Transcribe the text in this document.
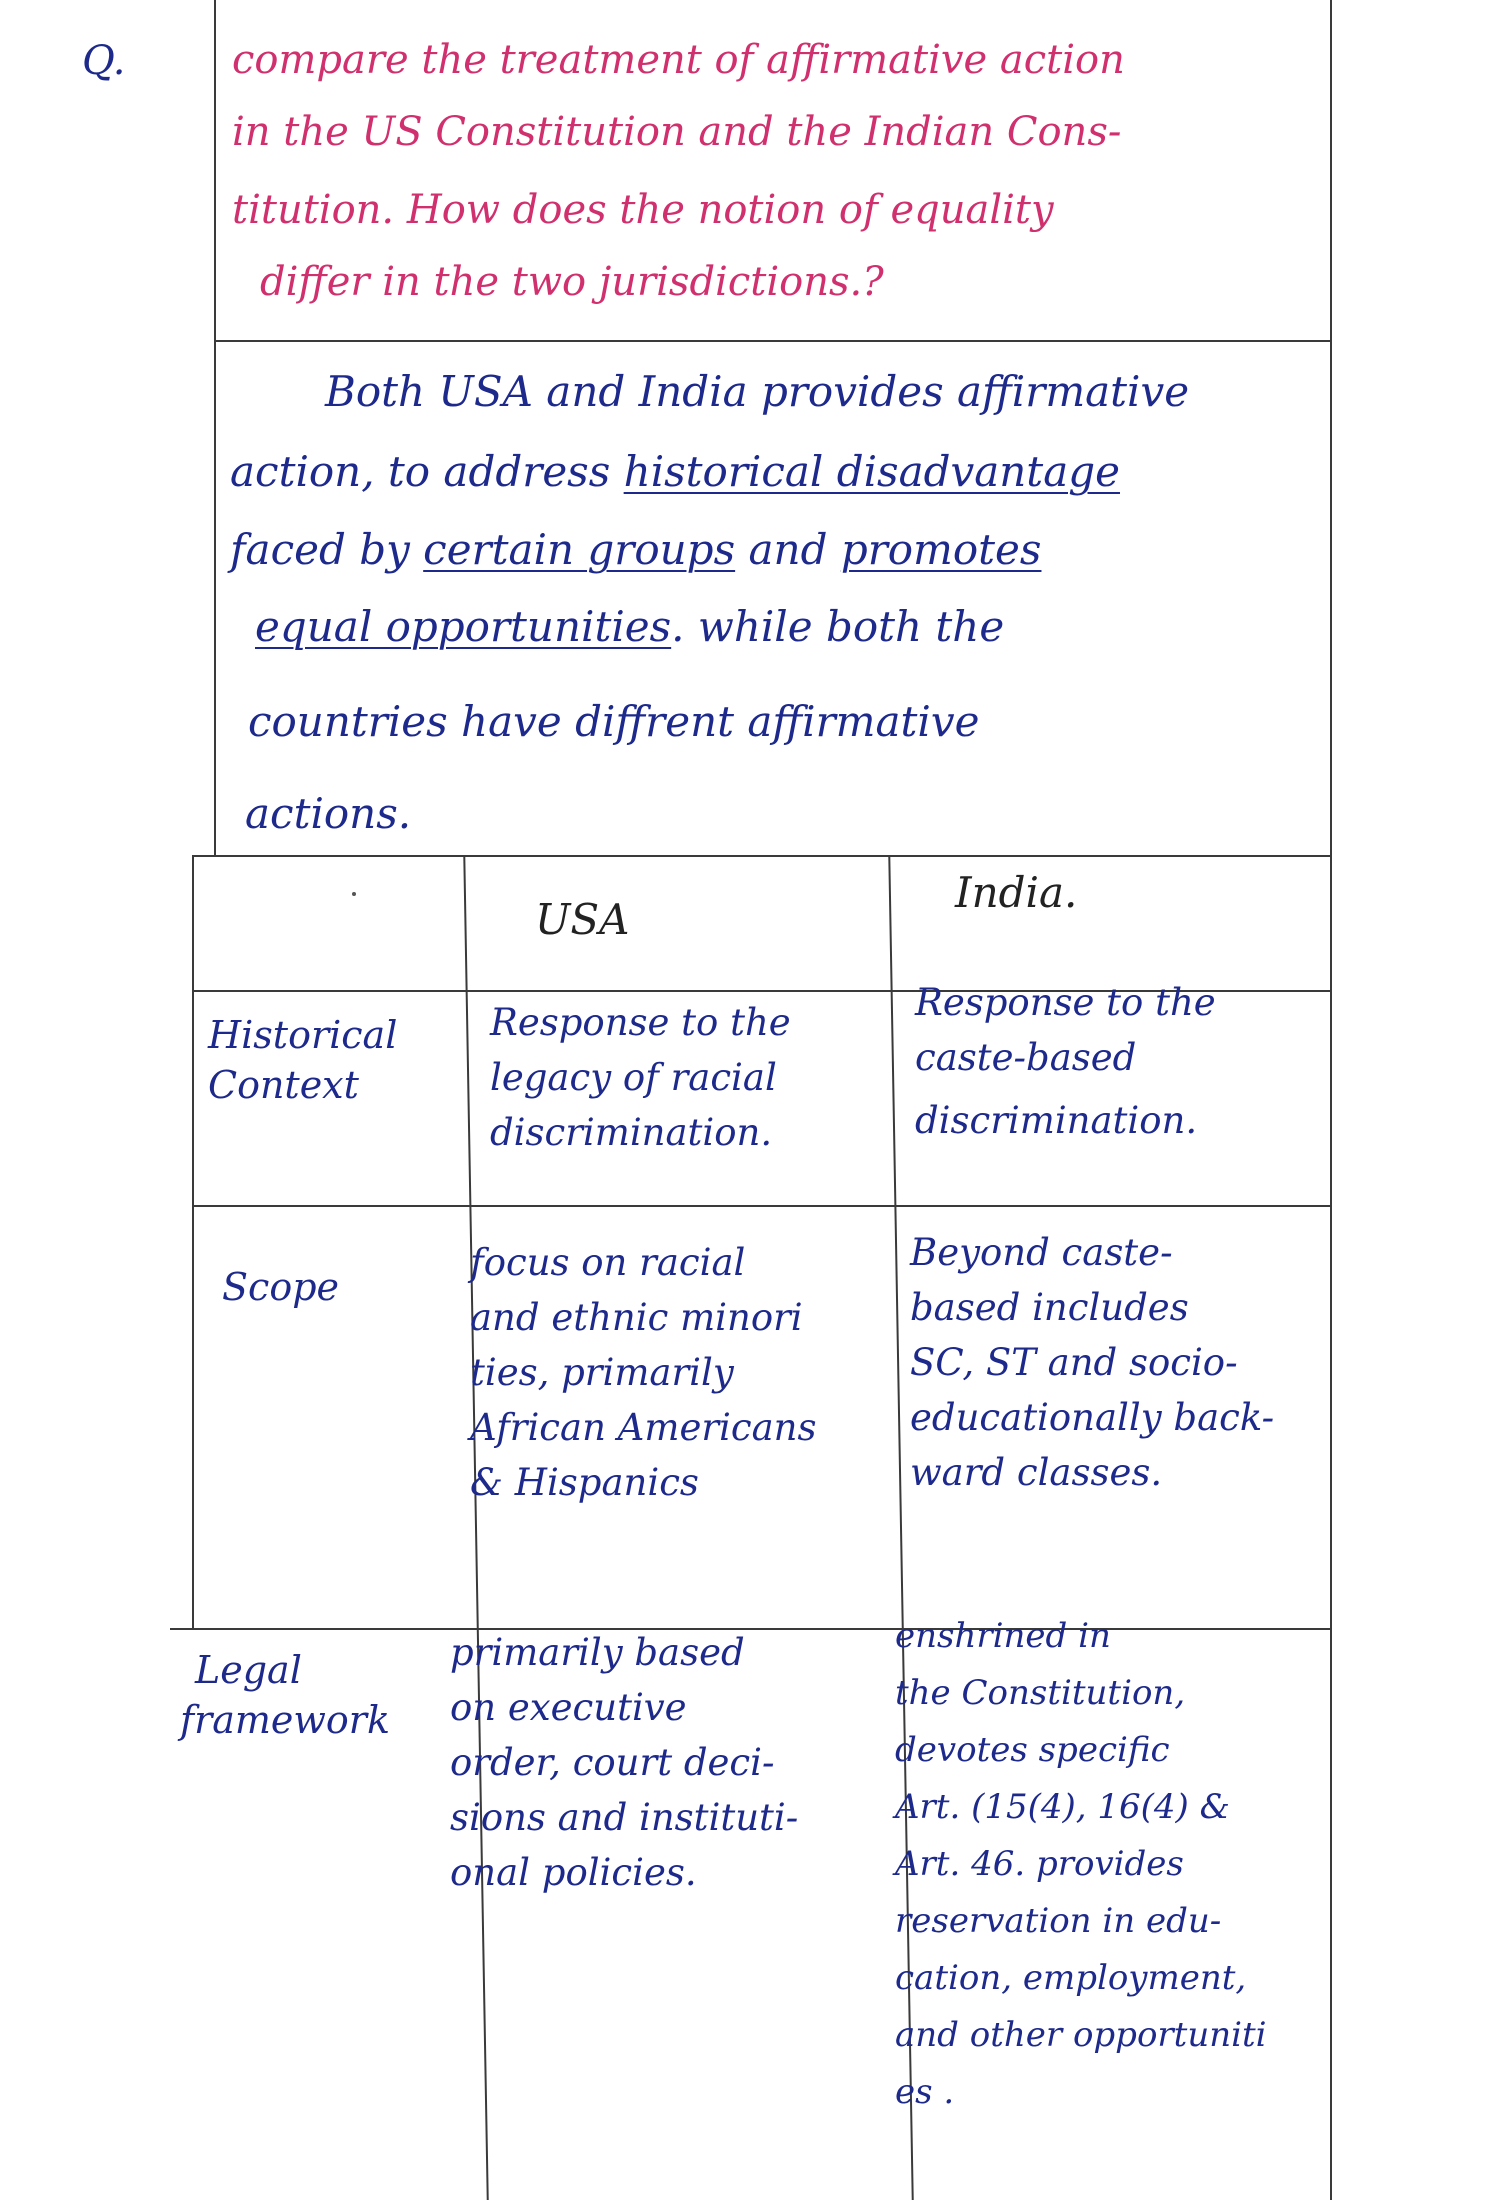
Q.	compare the treatment of affirmative action
in the US Constitution and the Indian Cons-
titution. How does the notion of equality
differ in the two jurisdictions.?
Both USA and India provides affirmative
action, to address historical disadvantage
faced by certain groups and promotes
equal opportunities. while both the
countries have diffrent affirmative
actions.
USA
India.
Historical
Context
Response to the
legacy of racial
discrimination.
Response to the
caste-based
discrimination.
Scope
focus on racial
and ethnic minori
ties, primarily
African Americans
& Hispanics
Beyond caste-
based includes
SC, ST and socio-
educationally back-
ward classes.
Legal
framework
primarily based
on executive
order, court deci-
sions and instituti-
onal policies.
enshrined in
the Constitution,
devotes specific
Art. (15(4), 16(4) &
Art. 46. provides
reservation in edu-
cation, employment,
and other opportuniti
es .
